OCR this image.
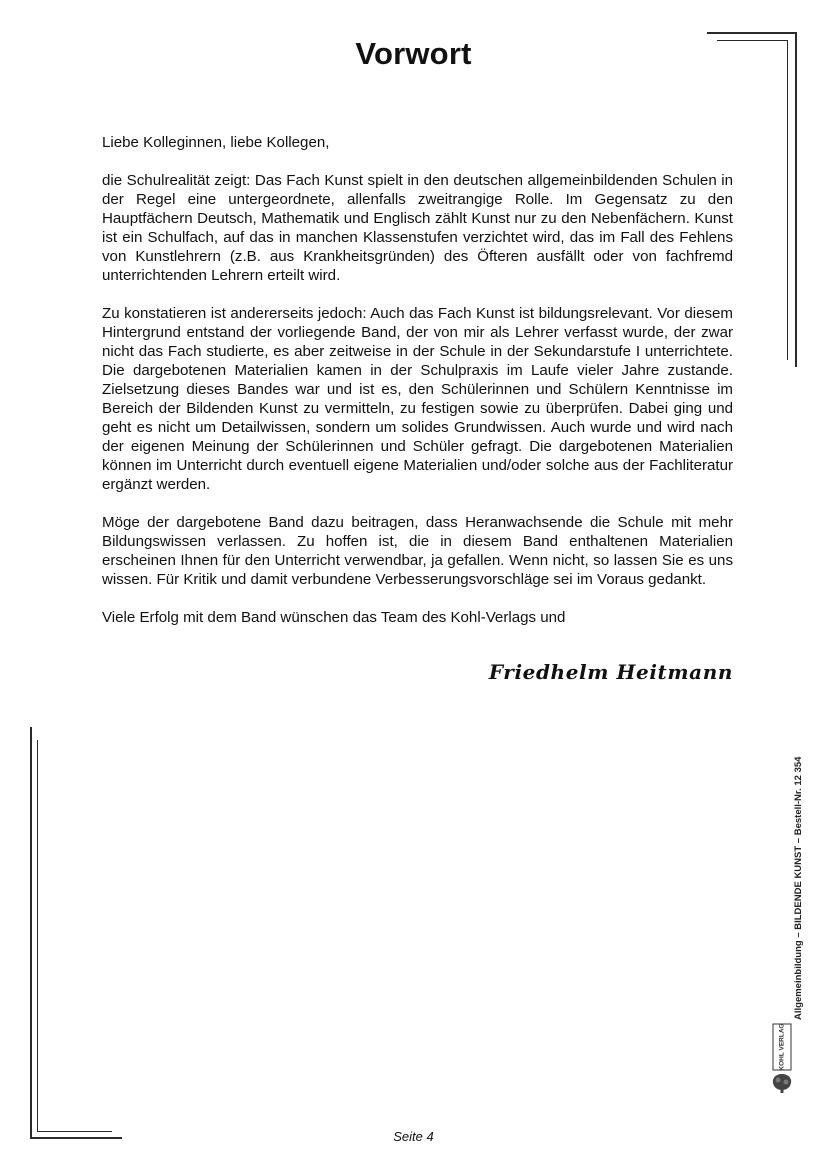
Vorwort

Liebe Kolleginnen, liebe Kollegen,

die Schulrealität zeigt: Das Fach Kunst spielt in den deutschen allgemeinbildenden Schulen in der Regel eine untergeordnete, allenfalls zweitrangige Rolle. Im Gegensatz zu den Hauptfächern Deutsch, Mathematik und Englisch zählt Kunst nur zu den Nebenfächern. Kunst ist ein Schulfach, auf das in manchen Klassenstufen verzichtet wird, das im Fall des Fehlens von Kunstlehrern (z.B. aus Krankheitsgründen) des Öfteren ausfällt oder von fachfremd unterrichtenden Lehrern erteilt wird.

Zu konstatieren ist andererseits jedoch: Auch das Fach Kunst ist bildungsrelevant. Vor diesem Hintergrund entstand der vorliegende Band, der von mir als Lehrer verfasst wurde, der zwar nicht das Fach studierte, es aber zeitweise in der Schule in der Sekundarstufe I unterrichtete. Die dargebotenen Materialien kamen in der Schulpraxis im Laufe vieler Jahre zustande. Zielsetzung dieses Bandes war und ist es, den Schülerinnen und Schülern Kenntnisse im Bereich der Bildenden Kunst zu vermitteln, zu festigen sowie zu überprüfen. Dabei ging und geht es nicht um Detailwissen, sondern um solides Grundwissen. Auch wurde und wird nach der eigenen Meinung der Schülerinnen und Schüler gefragt. Die dargebotenen Materialien können im Unterricht durch eventuell eigene Materialien und/oder solche aus der Fachliteratur ergänzt werden.

Möge der dargebotene Band dazu beitragen, dass Heranwachsende die Schule mit mehr Bildungswissen verlassen. Zu hoffen ist, die in diesem Band enthaltenen Materialien erscheinen Ihnen für den Unterricht verwendbar, ja gefallen. Wenn nicht, so lassen Sie es uns wissen. Für Kritik und damit verbundene Verbesserungsvorschläge sei im Voraus gedankt.

Viele Erfolg mit dem Band wünschen das Team des Kohl-Verlags und

Friedhelm Heitmann
Allgemeinbildung – BILDENDE KUNST – Bestell-Nr. 12 354
KOHL VERLAG
Seite 4
